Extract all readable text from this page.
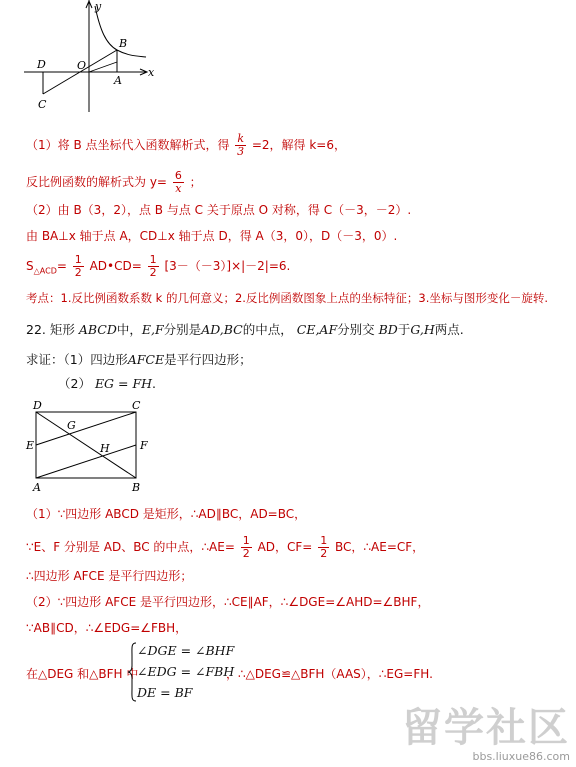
y
x
O
A
B
C
D
（1）将 B 点坐标代入函数解析式，得 $\frac{k}{3} =2$，解得 k=6，
反比例函数的解析式为 $y= \frac{6}{x}$ ；
（2）由 B（3，2），点 B 与点 C 关于原点 O 对称，得 C（－3，－2）.
由 BA⊥x 轴于点 A，CD⊥x 轴于点 D，得 A（3，0），D（－3，0）.
$S_{\triangle ACD}= \frac{1}{2}$ AD•CD= $\frac{1}{2} [3-(-3)]\times|-2|=6$.
考点：1.反比例函数系数 k 的几何意义；2.反比例函数图象上点的坐标特征；3.坐标与图形变化－旋转.
22. 矩形 ABCD中，E,F分别是AD,BC的中点， CE,AF分别交 BD于G,H两点.
求证：（1）四边形AFCE是平行四边形；
（2） EG = FH.
D	C
E	F
G
H
A	B
（1）∵四边形 ABCD 是矩形，∴AD∥BC，AD=BC，
∵E、F 分别是 AD、BC 的中点，∴AE= $\frac{1}{2}$ AD，$CF= \frac{1}{2}$ BC，∴AE=CF，
∴四边形 AFCE 是平行四边形；
（2）∵四边形 AFCE 是平行四边形，∴CE∥AF，∴∠DGE=∠AHD=∠BHF，
∵AB∥CD，∴∠EDG=∠FBH，
在△DEG 和△BFH 中
∠DGE = ∠BHF
∠EDG = ∠FBH
DE = BF
，∴△DEG≌△BFH（AAS），∴EG=FH.
留学社区
bbs.liuxue86.com
